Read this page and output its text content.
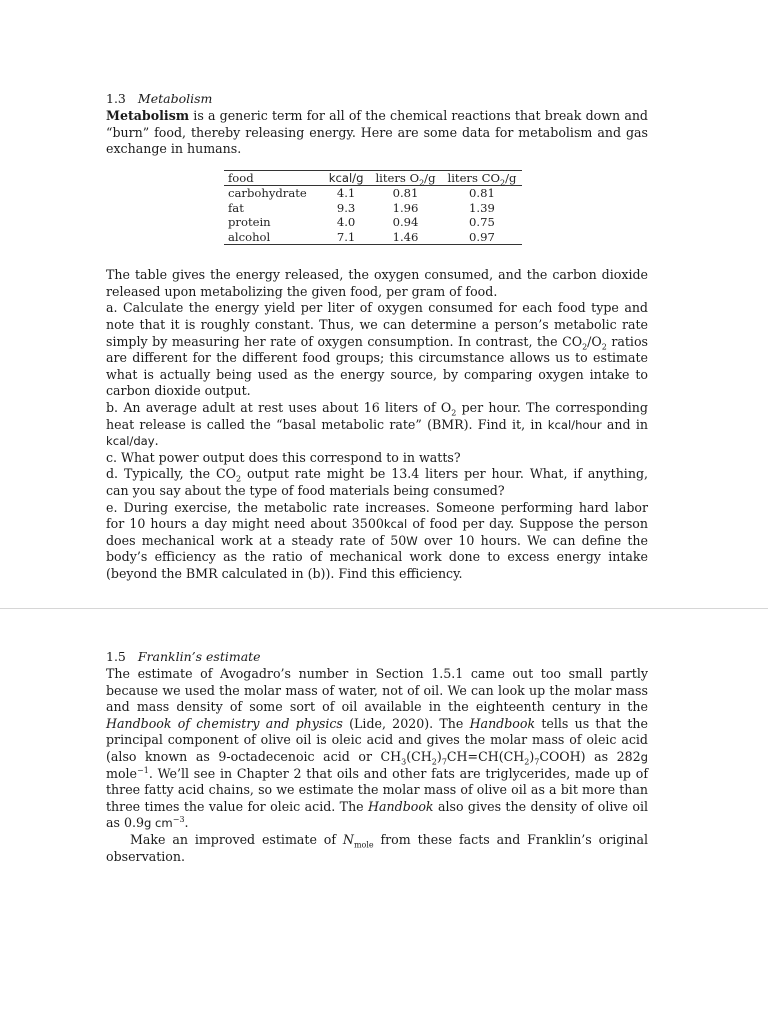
1.3 Metabolism

Metabolism is a generic term for all of the chemical reactions that break down and “burn” food, thereby releasing energy. Here are some data for metabolism and gas exchange in humans.

food	kcal/g	liters $O_2/g$	liters $CO_2/g$
carbohydrate	4.1	0.81	0.81
fat	9.3	1.96	1.39
protein	4.0	0.94	0.75
alcohol	7.1	1.46	0.97

The table gives the energy released, the oxygen consumed, and the carbon dioxide released upon metabolizing the given food, per gram of food.

a. Calculate the energy yield per liter of oxygen consumed for each food type and note that it is roughly constant. Thus, we can determine a person’s metabolic rate simply by measuring her rate of oxygen consumption. In contrast, the $CO_2/O_2$ ratios are different for the different food groups; this circumstance allows us to estimate what is actually being used as the energy source, by comparing oxygen intake to carbon dioxide output.

b. An average adult at rest uses about 16 liters of $O_2$ per hour. The corresponding heat release is called the “basal metabolic rate” (BMR). Find it, in kcal/hour and in kcal/day.

c. What power output does this correspond to in watts?

d. Typically, the $CO_2$ output rate might be 13.4 liters per hour. What, if anything, can you say about the type of food materials being consumed?

e. During exercise, the metabolic rate increases. Someone performing hard labor for 10 hours a day might need about 3500kcal of food per day. Suppose the person does mechanical work at a steady rate of 50W over 10 hours. We can define the body’s efficiency as the ratio of mechanical work done to excess energy intake (beyond the BMR calculated in (b)). Find this efficiency.

1.5 Franklin’s estimate

The estimate of Avogadro’s number in Section 1.5.1 came out too small partly because we used the molar mass of water, not of oil. We can look up the molar mass and mass density of some sort of oil available in the eighteenth century in the Handbook of chemistry and physics (Lide, 2020). The Handbook tells us that the principal component of olive oil is oleic acid and gives the molar mass of oleic acid (also known as 9-octadecenoic acid or $CH_3(CH_2)_7CH=CH(CH_2)_7COOH$) as 282g mole$^{-1}$. We’ll see in Chapter 2 that oils and other fats are triglycerides, made up of three fatty acid chains, so we estimate the molar mass of olive oil as a bit more than three times the value for oleic acid. The Handbook also gives the density of olive oil as 0.9g $cm^{-3}$.

Make an improved estimate of $N_{mole}$ from these facts and Franklin’s original observation.
